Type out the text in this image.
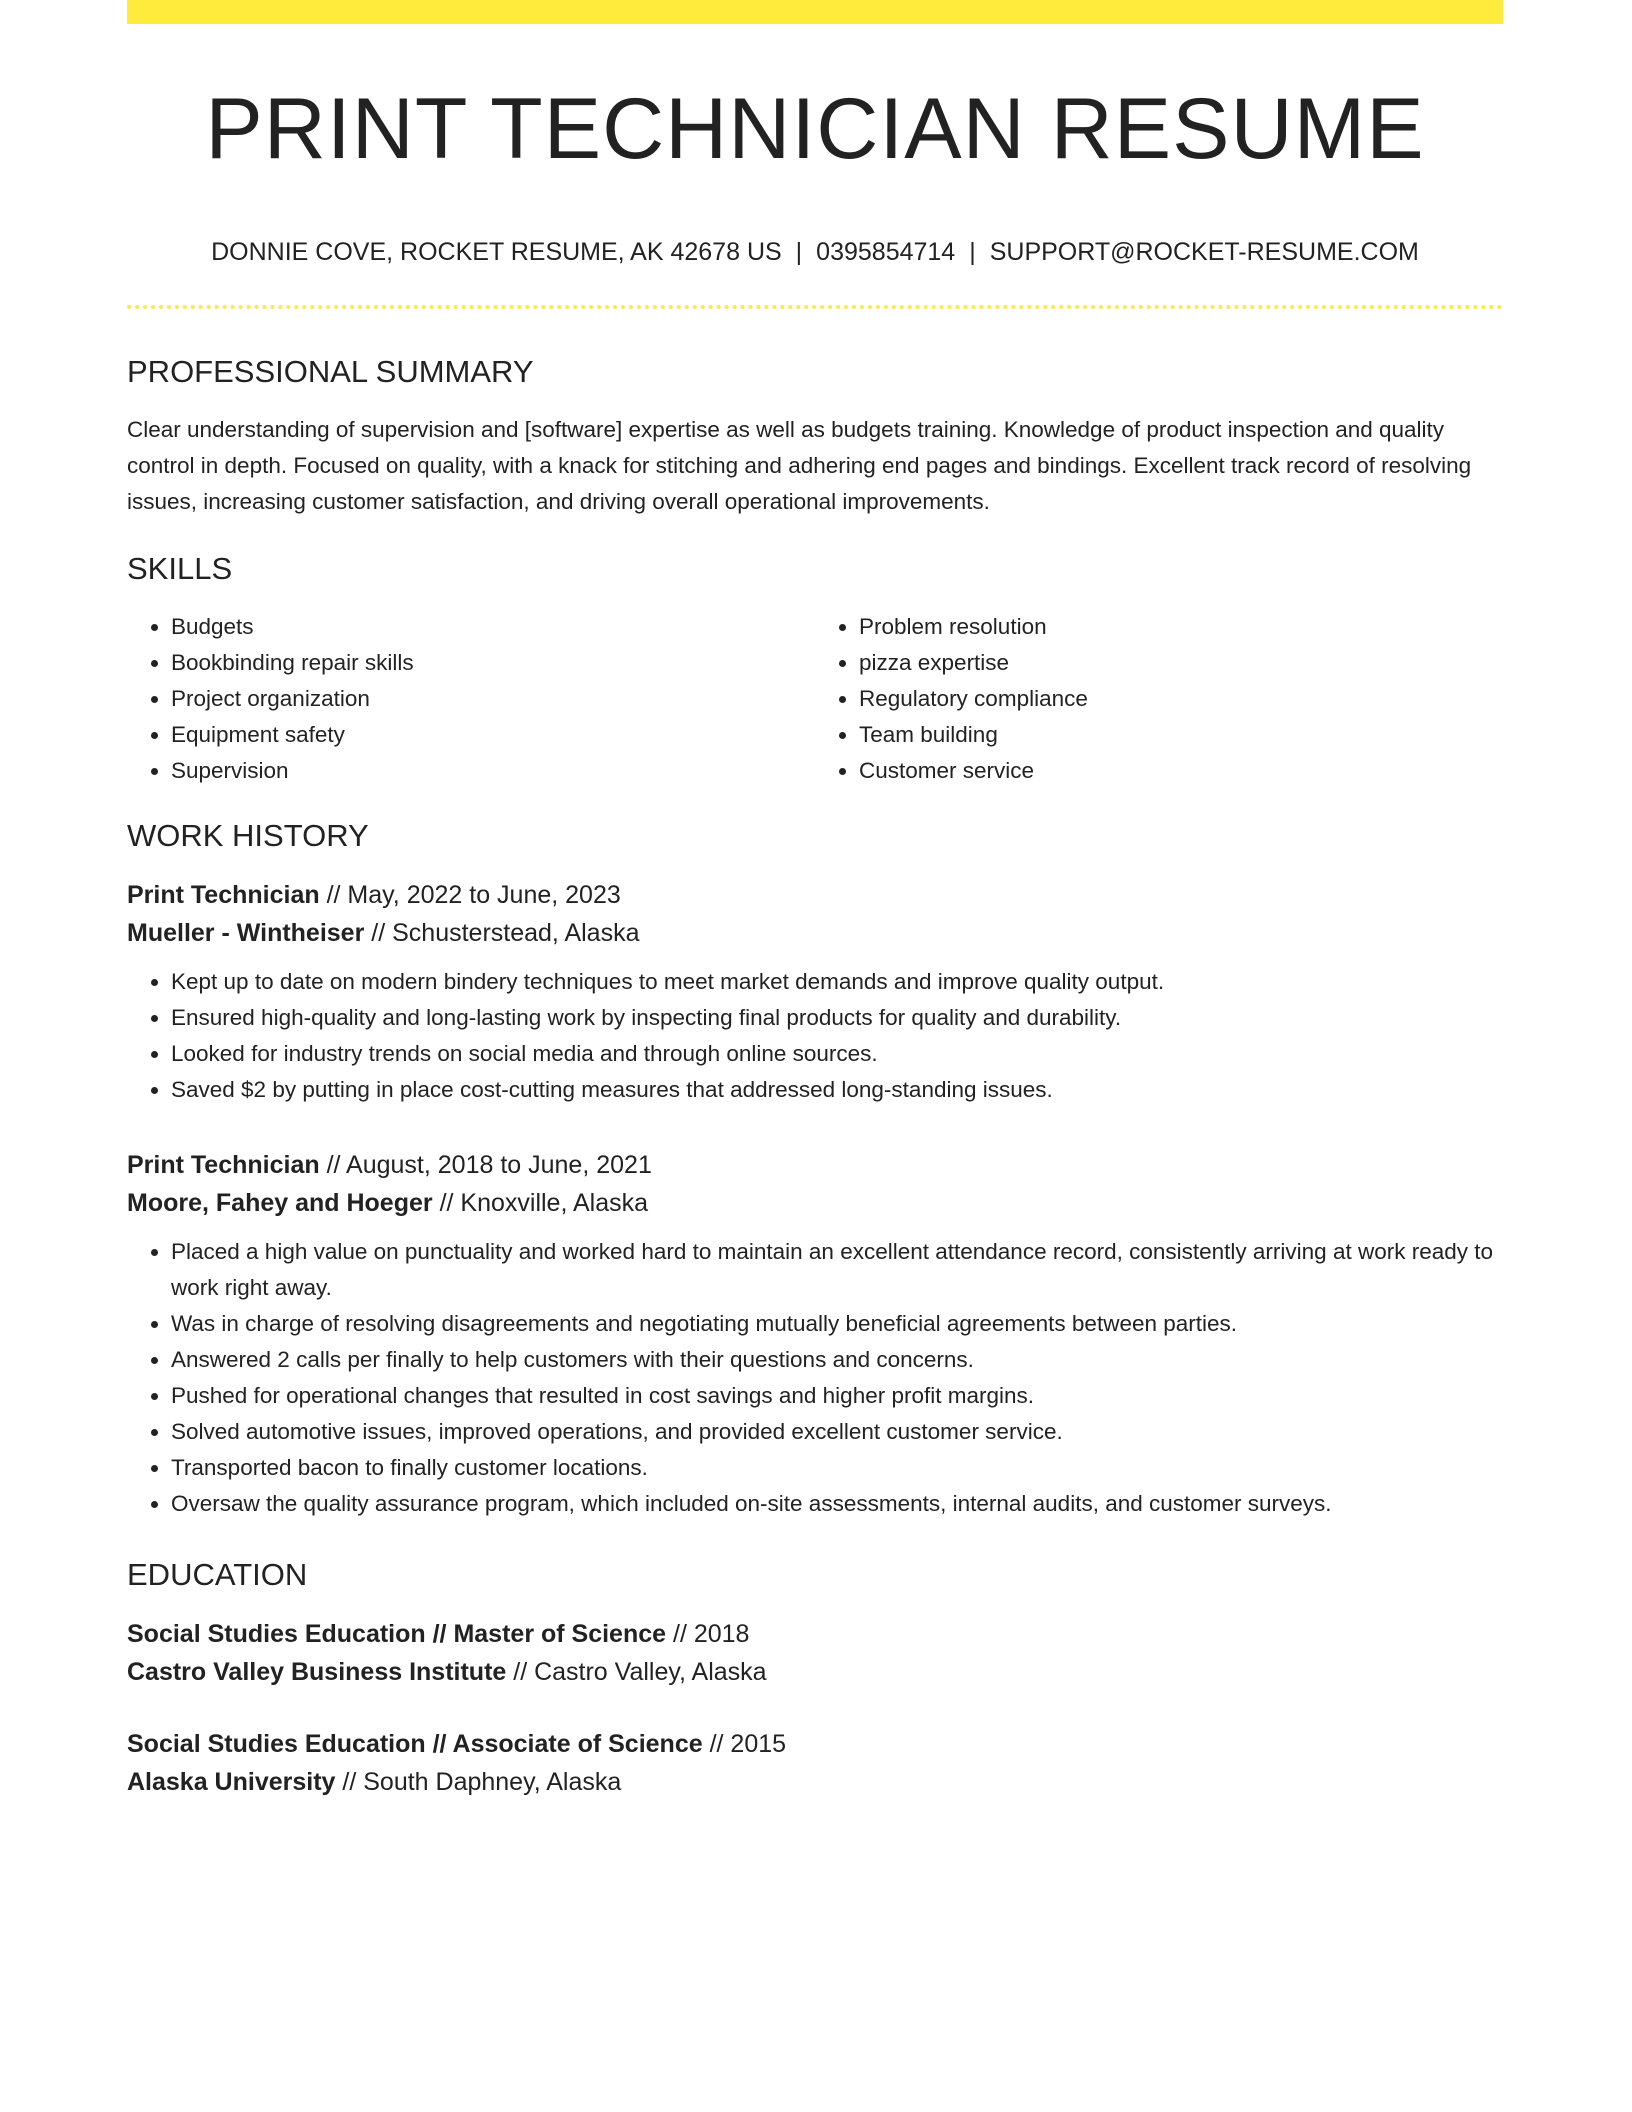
PRINT TECHNICIAN RESUME
DONNIE COVE, ROCKET RESUME, AK 42678 US | 0395854714 | SUPPORT@ROCKET-RESUME.COM
PROFESSIONAL SUMMARY
Clear understanding of supervision and [software] expertise as well as budgets training. Knowledge of product inspection and quality control in depth. Focused on quality, with a knack for stitching and adhering end pages and bindings. Excellent track record of resolving issues, increasing customer satisfaction, and driving overall operational improvements.
SKILLS
• Budgets
• Bookbinding repair skills
• Project organization
• Equipment safety
• Supervision
• Problem resolution
• pizza expertise
• Regulatory compliance
• Team building
• Customer service
WORK HISTORY
Print Technician // May, 2022 to June, 2023
Mueller - Wintheiser // Schusterstead, Alaska
• Kept up to date on modern bindery techniques to meet market demands and improve quality output.
• Ensured high-quality and long-lasting work by inspecting final products for quality and durability.
• Looked for industry trends on social media and through online sources.
• Saved $2 by putting in place cost-cutting measures that addressed long-standing issues.
Print Technician // August, 2018 to June, 2021
Moore, Fahey and Hoeger // Knoxville, Alaska
• Placed a high value on punctuality and worked hard to maintain an excellent attendance record, consistently arriving at work ready to work right away.
• Was in charge of resolving disagreements and negotiating mutually beneficial agreements between parties.
• Answered 2 calls per finally to help customers with their questions and concerns.
• Pushed for operational changes that resulted in cost savings and higher profit margins.
• Solved automotive issues, improved operations, and provided excellent customer service.
• Transported bacon to finally customer locations.
• Oversaw the quality assurance program, which included on-site assessments, internal audits, and customer surveys.
EDUCATION
Social Studies Education // Master of Science // 2018
Castro Valley Business Institute // Castro Valley, Alaska
Social Studies Education // Associate of Science // 2015
Alaska University // South Daphney, Alaska
